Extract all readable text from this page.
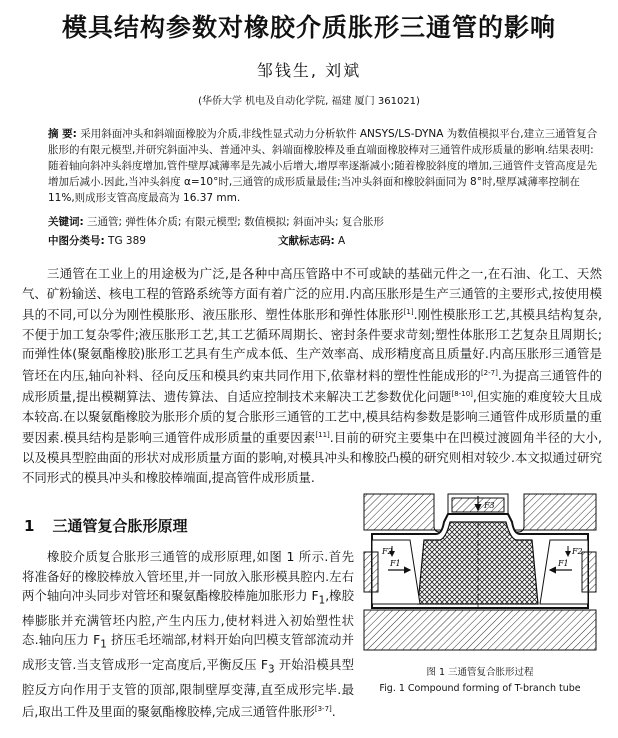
模具结构参数对橡胶介质胀形三通管的影响
邹钱生, 刘斌
(华侨大学 机电及自动化学院, 福建 厦门 361021)
摘 要: 采用斜面冲头和斜端面橡胶为介质,非线性显式动力分析软件 ANSYS/LS-DYNA 为数值模拟平台,建立三通管复合胀形的有限元模型,并研究斜面冲头、普通冲头、斜端面橡胶棒及垂直端面橡胶棒对三通管件成形质量的影响.结果表明:随着轴向斜冲头斜度增加,管件壁厚减薄率是先减小后增大,增厚率逐渐减小;随着橡胶斜度的增加,三通管件支管高度是先增加后减小.因此,当冲头斜度 α=10°时,三通管的成形质量最佳;当冲头斜面和橡胶斜面同为 8°时,壁厚减薄率控制在 11%,则成形支管高度最高为 16.37 mm.
关键词: 三通管; 弹性体介质; 有限元模型; 数值模拟; 斜面冲头; 复合胀形
中图分类号: TG 389	文献标志码: A
三通管在工业上的用途极为广泛,是各种中高压管路中不可或缺的基础元件之一,在石油、化工、天然气、矿粉输送、核电工程的管路系统等方面有着广泛的应用.内高压胀形是生产三通管的主要形式,按使用模具的不同,可以分为刚性模胀形、液压胀形、塑性体胀形和弹性体胀形[1].刚性模胀形工艺,其模具结构复杂,不便于加工复杂零件;液压胀形工艺,其工艺循环周期长、密封条件要求苛刻;塑性体胀形工艺复杂且周期长;而弹性体(聚氨酯橡胶)胀形工艺具有生产成本低、生产效率高、成形精度高且质量好.内高压胀形三通管是管坯在内压,轴向补料、径向反压和模具约束共同作用下,依靠材料的塑性性能成形的[2-7].为提高三通管件的成形质量,提出模糊算法、遗传算法、自适应控制技术来解决工艺参数优化问题[8-10],但实施的难度较大且成本较高.在以聚氨酯橡胶为胀形介质的复合胀形三通管的工艺中,模具结构参数是影响三通管件成形质量的重要因素.模具结构是影响三通管件成形质量的重要因素[11].目前的研究主要集中在凹模过渡圆角半径的大小,以及模具型腔曲面的形状对成形质量方面的影响,对模具冲头和橡胶凸模的研究则相对较少.本文拟通过研究不同形式的模具冲头和橡胶棒端面,提高管件成形质量.
1 三通管复合胀形原理
橡胶介质复合胀形三通管的成形原理,如图 1 所示.首先将准备好的橡胶棒放入管坯里,并一同放入胀形模具腔内.左右两个轴向冲头同步对管坯和聚氨酯橡胶棒施加胀形力 $F_1$,橡胶棒膨胀并充满管坯内腔,产生内压力,使材料进入初始塑性状态.轴向压力 $F_1$ 挤压毛坯端部,材料开始向凹模支管部流动并成形支管.当支管成形一定高度后,平衡反压 $F_3$ 开始沿模具型腔反方向作用于支管的顶部,限制壁厚变薄,直至成形完毕.最后,取出工件及里面的聚氨酯橡胶棒,完成三通管件胀形[3-7].
F3
F2
F1	F1
F2
图 1 三通管复合胀形过程
Fig. 1 Compound forming of T-branch tube
